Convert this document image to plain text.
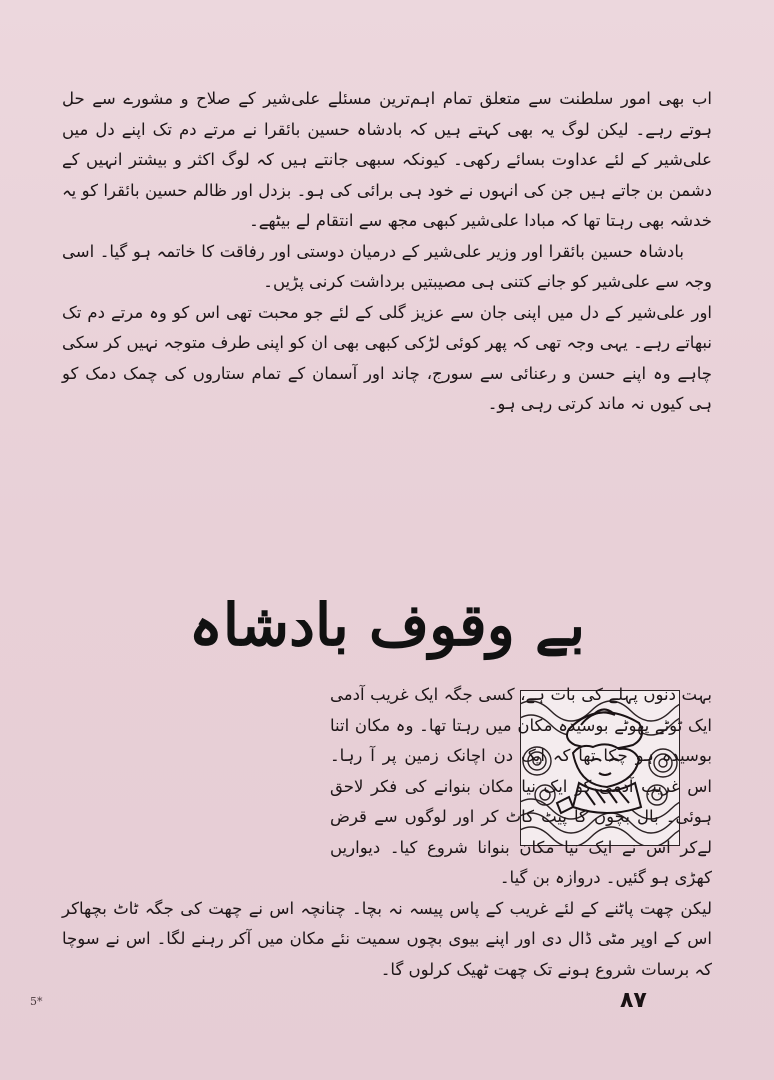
اب بھی امور سلطنت سے متعلق تمام اہم‌ترین مسئلے علی‌شیر کے صلاح و مشورے سے حل ہوتے رہے۔ لیکن لوگ یہ بھی کہتے ہیں کہ بادشاہ حسین بائقرا نے مرتے دم تک اپنے دل میں علی‌شیر کے لئے عداوت بسائے رکھی۔ کیونکہ سبھی جانتے ہیں کہ لوگ اکثر و بیشتر انہیں کے دشمن بن جاتے ہیں جن کی انہوں نے خود ہی برائی کی ہو۔ بزدل اور ظالم حسین بائقرا کو یہ خدشہ بھی رہتا تھا کہ مبادا علی‌شیر کبھی مجھ سے انتقام لے بیٹھے۔

بادشاہ حسین بائقرا اور وزیر علی‌شیر کے درمیان دوستی اور رفاقت کا خاتمہ ہو گیا۔ اسی وجہ سے علی‌شیر کو جانے کتنی ہی مصیبتیں برداشت کرنی پڑیں۔

اور علی‌شیر کے دل میں اپنی جان سے عزیز گلی کے لئے جو محبت تھی اس کو وہ مرتے دم تک نبھاتے رہے۔ یہی وجہ تھی کہ پھر کوئی لڑکی کبھی بھی ان کو اپنی طرف متوجہ نہیں کر سکی چاہے وہ اپنے حسن و رعنائی سے سورج، چاند اور آسمان کے تمام ستاروں کی چمک دمک کو ہی کیوں نہ ماند کرتی رہی ہو۔

بے وقوف بادشاہ

بہت دنوں پہلے کی بات ہے، کسی جگہ ایک غریب آدمی ایک ٹوٹے پھوٹے بوسیدہ مکان میں رہتا تھا۔ وہ مکان اتنا بوسیدہ ہو چکا تھا کہ ایک دن اچانک زمین پر آ رہا۔ اس غریب آدمی کو ایک نیا مکان بنوانے کی فکر لاحق ہوئی۔ بال بچوں کا پیٹ کاٹ کر اور لوگوں سے قرض لےکر اس نے ایک نیا مکان بنوانا شروع کیا۔ دیواریں کھڑی ہو گئیں۔ دروازہ بن گیا۔

لیکن چھت پاٹنے کے لئے غریب کے پاس پیسہ نہ بچا۔ چنانچہ اس نے چھت کی جگہ ٹاٹ بچھاکر اس کے اوپر مٹی ڈال دی اور اپنے بیوی بچوں سمیت نئے مکان میں آکر رہنے لگا۔ اس نے سوچا کہ برسات شروع ہونے تک چھت ٹھیک کرلوں گا۔

۸۷
5*
